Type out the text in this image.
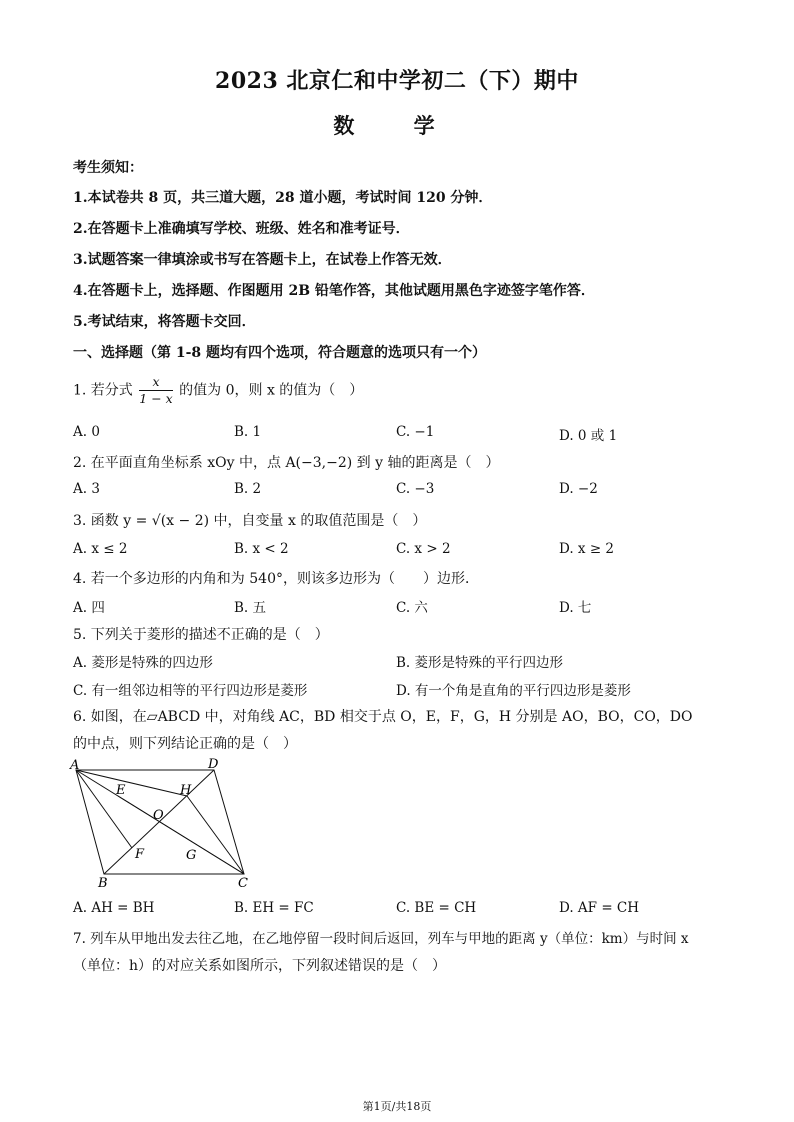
2023 北京仁和中学初二（下）期中
数 学
考生须知：
1.本试卷共 8 页，共三道大题，28 道小题，考试时间 120 分钟．
2.在答题卡上准确填写学校、班级、姓名和准考证号．
3.试题答案一律填涂或书写在答题卡上，在试卷上作答无效．
4.在答题卡上，选择题、作图题用 2B 铅笔作答，其他试题用黑色字迹签字笔作答．
5.考试结束，将答题卡交回．
一、选择题（第 1-8 题均有四个选项，符合题意的选项只有一个）
1. 若分式 $\frac{x}{1 - x}$ 的值为 0，则 x 的值为（　）
A. 0	B. 1	C. −1	D. 0 或 1
2. 在平面直角坐标系 xOy 中，点 A(−3,−2) 到 y 轴的距离是（　）
A. 3	B. 2	C. −3	D. −2
3. 函数 y = √(x − 2) 中，自变量 x 的取值范围是（　）
A. x ≤ 2	B. x < 2	C. x > 2	D. x ≥ 2
4. 若一个多边形的内角和为 540°，则该多边形为（　　）边形．
A. 四	B. 五	C. 六	D. 七
5. 下列关于菱形的描述不正确的是（　）
A. 菱形是特殊的四边形	B. 菱形是特殊的平行四边形
C. 有一组邻边相等的平行四边形是菱形	D. 有一个角是直角的平行四边形是菱形
6. 如图，在▱ABCD 中，对角线 AC，BD 相交于点 O，E，F，G，H 分别是 AO，BO，CO，DO
的中点，则下列结论正确的是（　）
A	D
C
B
E	H
O
F	G
A. AH = BH	B. EH = FC	C. BE = CH	D. AF = CH
7. 列车从甲地出发去往乙地，在乙地停留一段时间后返回，列车与甲地的距离 y（单位：km）与时间 x
（单位：h）的对应关系如图所示，下列叙述错误的是（　）
第1页/共18页
